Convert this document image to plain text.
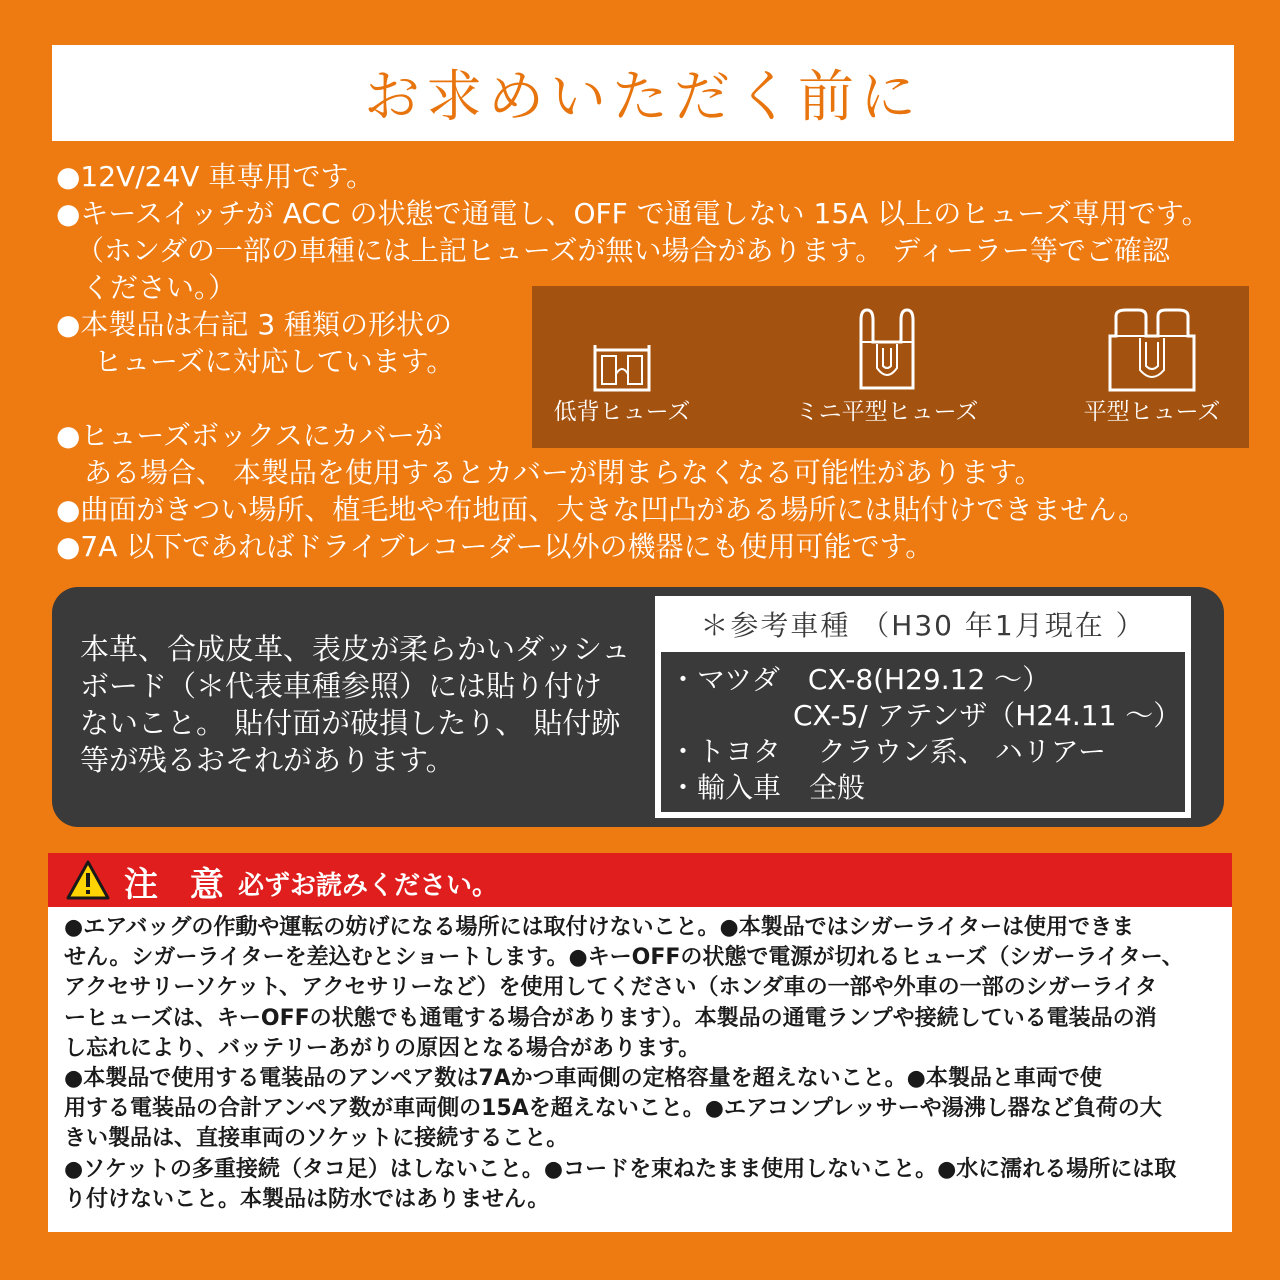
お求めいただく前に
●12V/24V 車専用です。
●キースイッチが ACC の状態で通電し、OFF で通電しない 15A 以上のヒューズ専用です。
（ホンダの一部の車種には上記ヒューズが無い場合があります。 ディーラー等でご確認
ください。）
●本製品は右記 3 種類の形状の
ヒューズに対応しています。
●ヒューズボックスにカバーが
ある場合、 本製品を使用するとカバーが閉まらなくなる可能性があります。
●曲面がきつい場所、植毛地や布地面、大きな凹凸がある場所には貼付けできません。
●7A 以下であればドライブレコーダー以外の機器にも使用可能です。
低背ヒューズ	ミニ平型ヒューズ	平型ヒューズ
本革、合成皮革、表皮が柔らかいダッシュ
ボード（＊代表車種参照）には貼り付け
ないこと。 貼付面が破損したり、 貼付跡
等が残るおそれがあります。
＊参考車種 （H30 年1月現在 ）
・マツダ　CX-8(H29.12 〜）
CX-5/ アテンザ（H24.11 〜）
・トヨタ　 クラウン系、 ハリアー
・輸入車　全般
注 意 必ずお読みください。
●エアバッグの作動や運転の妨げになる場所には取付けないこと。●本製品ではシガーライターは使用できま
せん。シガーライターを差込むとショートします。●キーOFFの状態で電源が切れるヒューズ（シガーライター、
アクセサリーソケット、アクセサリーなど）を使用してください（ホンダ車の一部や外車の一部のシガーライタ
ーヒューズは、キーOFFの状態でも通電する場合があります）。本製品の通電ランプや接続している電装品の消
し忘れにより、バッテリーあがりの原因となる場合があります。
●本製品で使用する電装品のアンペア数は7Aかつ車両側の定格容量を超えないこと。●本製品と車両で使
用する電装品の合計アンペア数が車両側の15Aを超えないこと。●エアコンプレッサーや湯沸し器など負荷の大
きい製品は、直接車両のソケットに接続すること。
●ソケットの多重接続（タコ足）はしないこと。●コードを束ねたまま使用しないこと。●水に濡れる場所には取
り付けないこと。本製品は防水ではありません。
